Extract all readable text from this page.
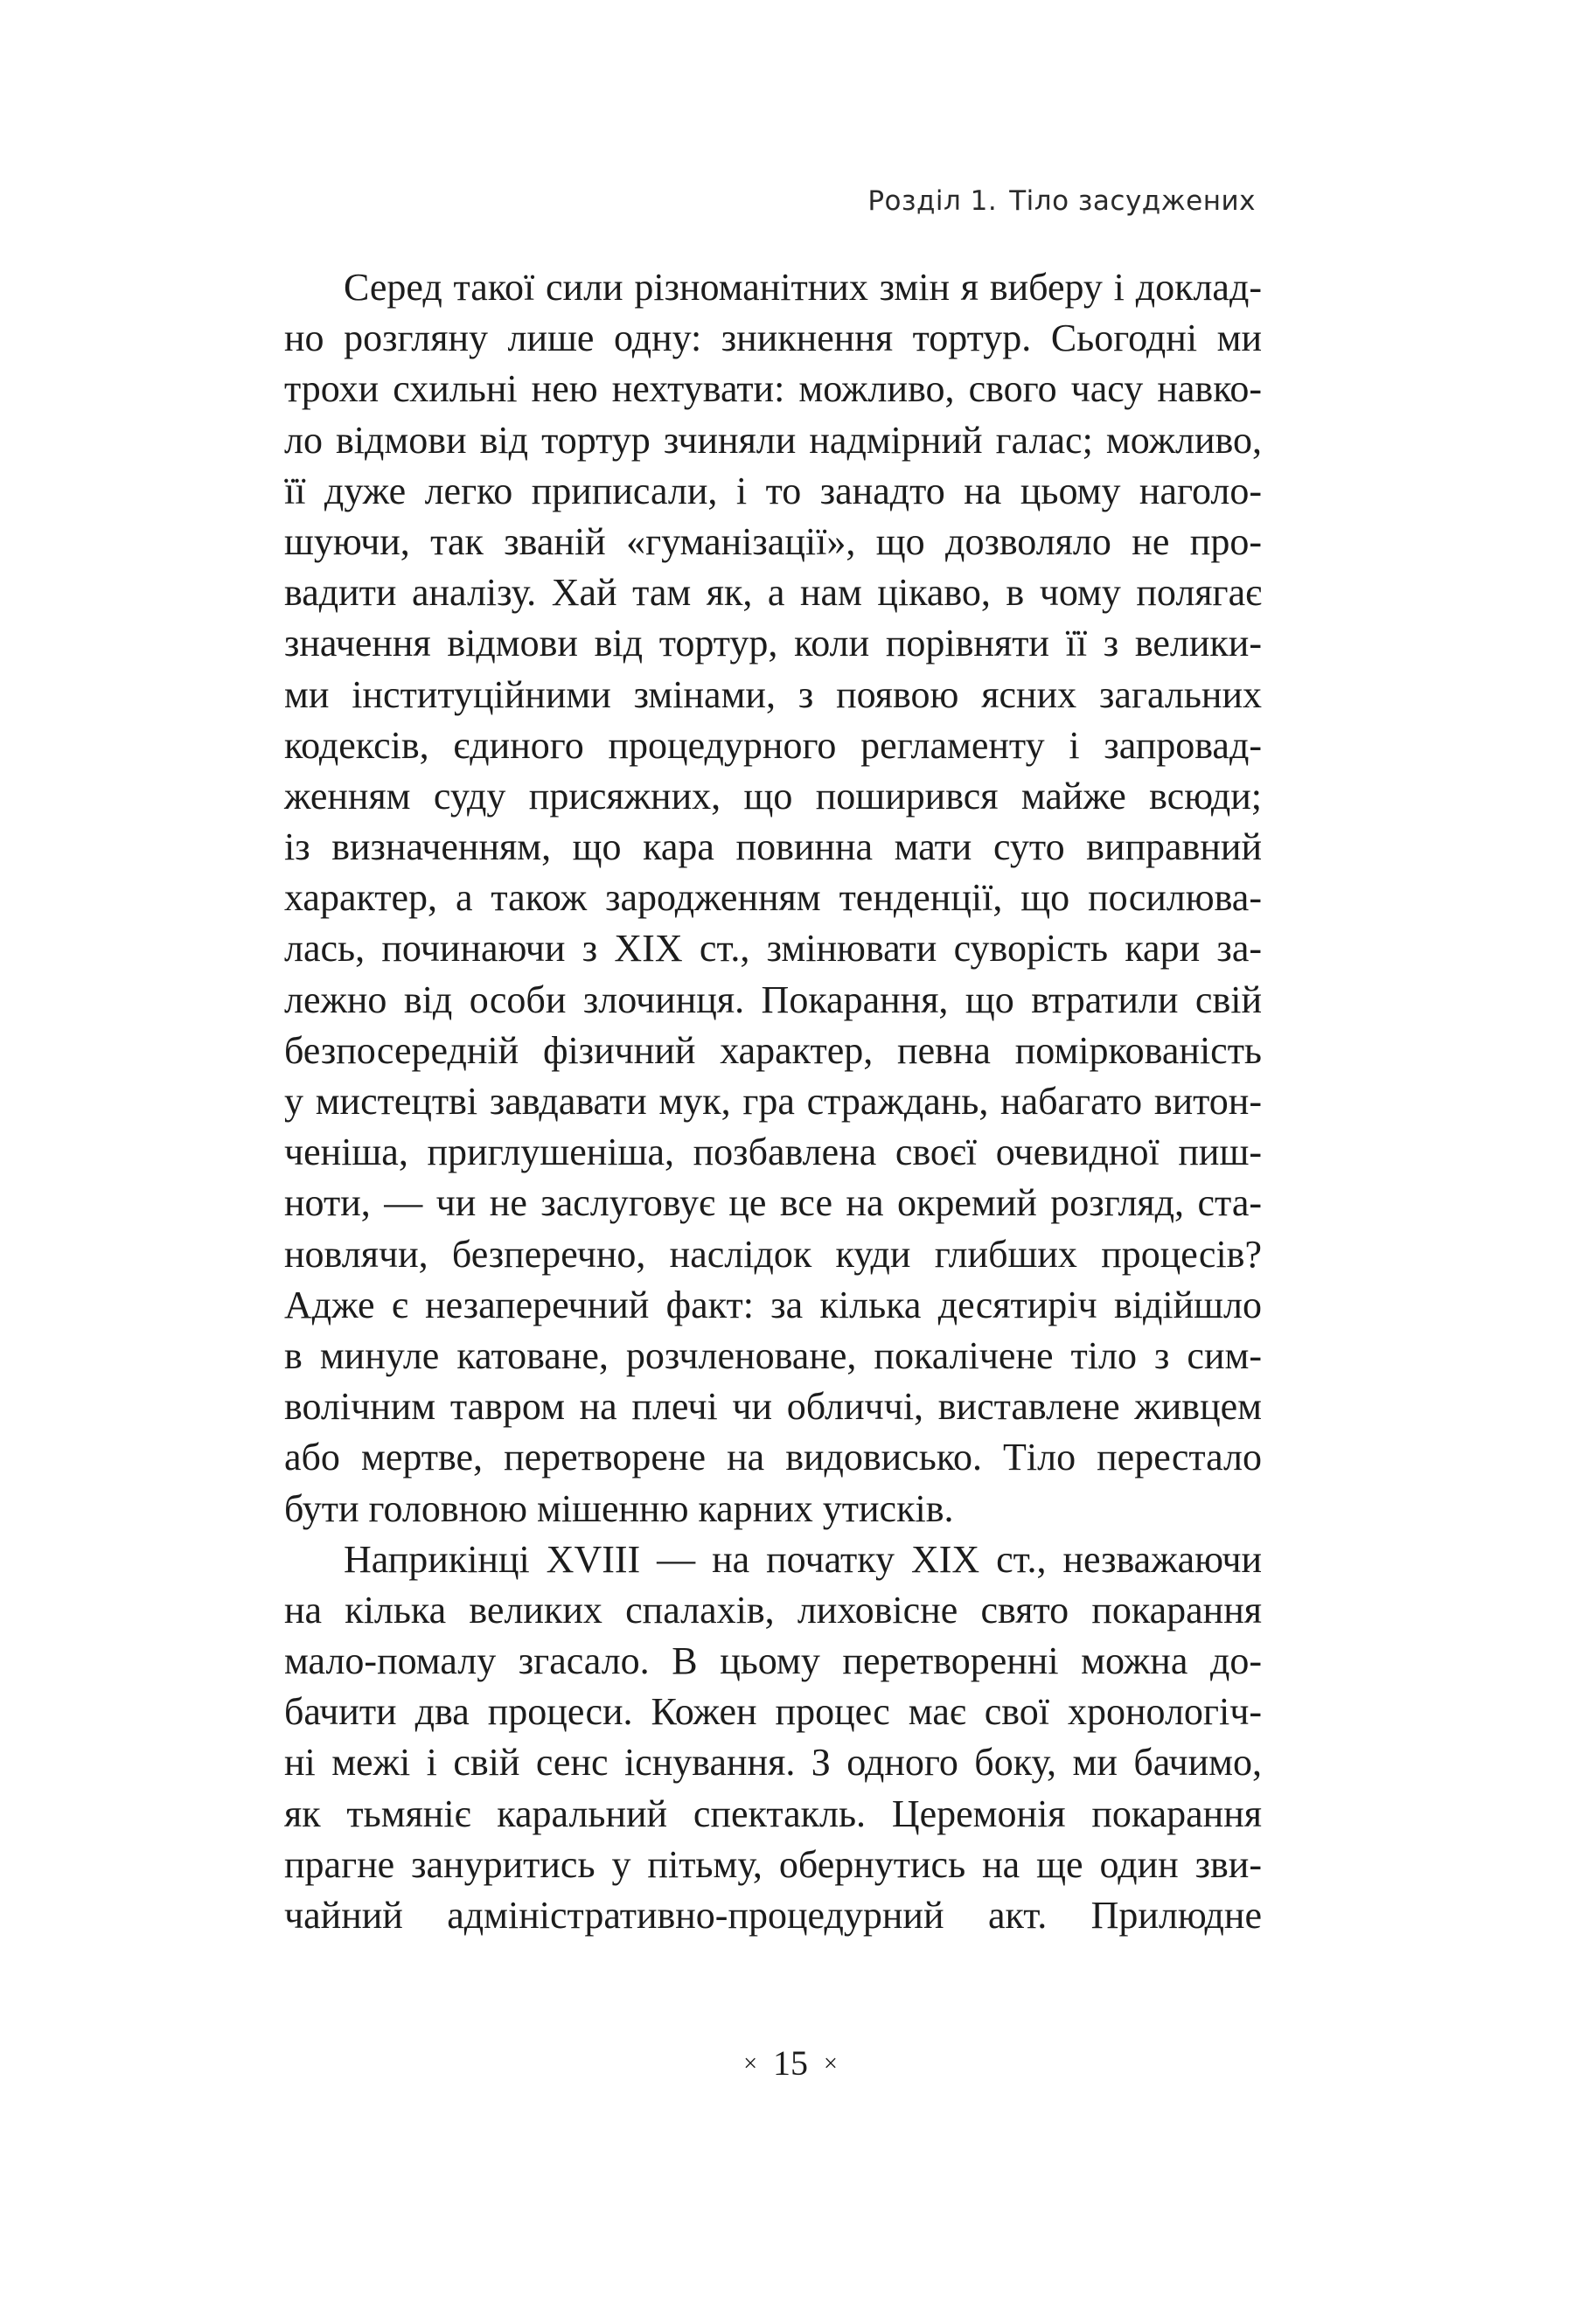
Розділ 1. Тіло засуджених
Серед такої сили різноманітних змін я виберу і доклад-
но розгляну лише одну: зникнення тортур. Сьогодні ми
трохи схильні нею нехтувати: можливо, свого часу навко-
ло відмови від тортур зчиняли надмірний галас; можливо,
її дуже легко приписали, і то занадто на цьому наголо-
шуючи, так званій «гуманізації», що дозволяло не про-
вадити аналізу. Хай там як, а нам цікаво, в чому полягає
значення відмови від тортур, коли порівняти її з велики-
ми інституційними змінами, з появою ясних загальних
кодексів, єдиного процедурного регламенту і запровад-
женням суду присяжних, що поширився майже всюди;
із визначенням, що кара повинна мати суто виправний
характер, а також зародженням тенденції, що посилюва-
лась, починаючи з XIX ст., змінювати суворість кари за-
лежно від особи злочинця. Покарання, що втратили свій
безпосередній фізичний характер, певна поміркованість
у мистецтві завдавати мук, гра страждань, набагато витон-
ченіша, приглушеніша, позбавлена своєї очевидної пиш-
ноти, — чи не заслуговує це все на окремий розгляд, ста-
новлячи, безперечно, наслідок куди глибших процесів?
Адже є незаперечний факт: за кілька десятиріч відійшло
в минуле катоване, розчленоване, покалічене тіло з сим-
волічним тавром на плечі чи обличчі, виставлене живцем
або мертве, перетворене на видовисько. Тіло перестало
бути головною мішенню карних утисків.
Наприкінці XVIII — на початку XIX ст., незважаючи
на кілька великих спалахів, лиховісне свято покарання
мало-помалу згасало. В цьому перетворенні можна до-
бачити два процеси. Кожен процес має свої хронологіч-
ні межі і свій сенс існування. З одного боку, ми бачимо,
як тьмяніє каральний спектакль. Церемонія покарання
прагне зануритись у пітьму, обернутись на ще один зви-
чайний адміністративно-процедурний акт. Прилюдне
× 15 ×
